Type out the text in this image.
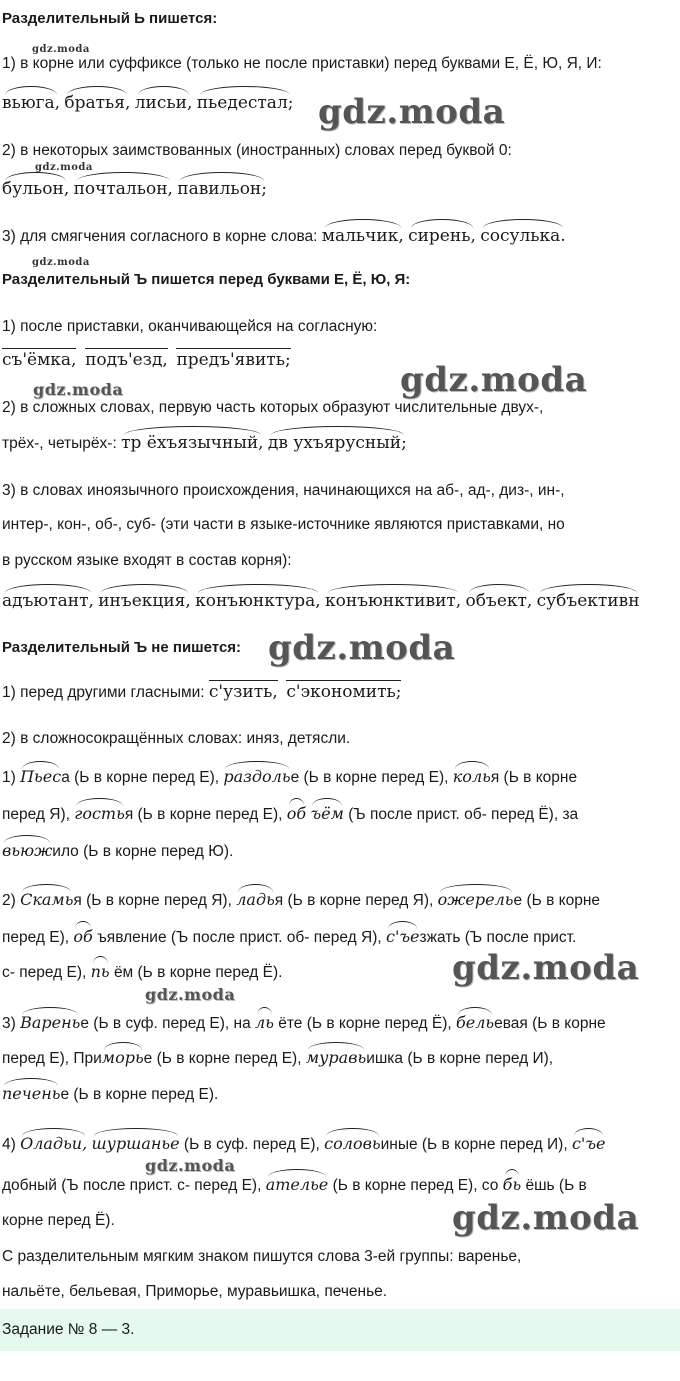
Разделительный Ь пишется:
gdz.moda
1) в корне или суффиксе (только не после приставки) перед буквами Е, Ё, Ю, Я, И:
вьюга, братья, лисьи, пьедестал; gdz.moda
2) в некоторых заимствованных (иностранных) словах перед буквой 0:
gdz.moda
бульон, почтальон, павильон;
3) для смягчения согласного в корне слова: мальчик, сирень, сосулька.
gdz.moda
Разделительный Ъ пишется перед буквами Е, Ё, Ю, Я:
1) после приставки, оканчивающейся на согласную:
съ'ёмка, подъ'езд, предъ'явить;
gdz.moda	gdz.moda
2) в сложных словах, первую часть которых образуют числительные двух-,
трёх-, четырёх-: тр ёхъязычный, дв ухъярусный;
3) в словах иноязычного происхождения, начинающихся на аб-, ад-, диз-, ин-,
интер-, кон-, об-, суб- (эти части в языке-источнике являются приставками, но
в русском языке входят в состав корня):
адъютант, инъекция, конъюнктура, конъюнктивит, объект, субъективн
Разделительный Ъ не пишется: gdz.moda
1) перед другими гласными: с'узить, с'экономить;
2) в сложносокращённых словах: иняз, детясли.
1) Пьеса (Ь в корне перед Е), раздолье (Ь в корне перед Е), колья (Ь в корне
перед Я), гостья (Ь в корне перед Е), об ъём (Ъ после прист. об- перед Ё), за
вьюжило (Ь в корне перед Ю).
2) Скамья (Ь в корне перед Я), ладья (Ь в корне перед Я), ожерелье (Ь в корне
перед Е), об ъявление (Ъ после прист. об- перед Я), с'ъезжать (Ъ после прист.
с- перед Е), пь ём (Ь в корне перед Ё).	gdz.moda
gdz.moda
3) Варенье (Ь в суф. перед Е), на ль ёте (Ь в корне перед Ё), бельевая (Ь в корне
перед Е), Приморье (Ь в корне перед Е), муравьишка (Ь в корне перед И),
печенье (Ь в корне перед Е).
4) Оладьи, шуршанье (Ь в суф. перед Е), соловьиные (Ь в корне перед И), с'ъе
gdz.moda
добный (Ъ после прист. с- перед Е), ателье (Ь в корне перед Е), со бь ёшь (Ь в
корне перед Ё).	gdz.moda
С разделительным мягким знаком пишутся слова 3-ей группы: варенье,
нальёте, бельевая, Приморье, муравьишка, печенье.
Задание № 8 — 3.
